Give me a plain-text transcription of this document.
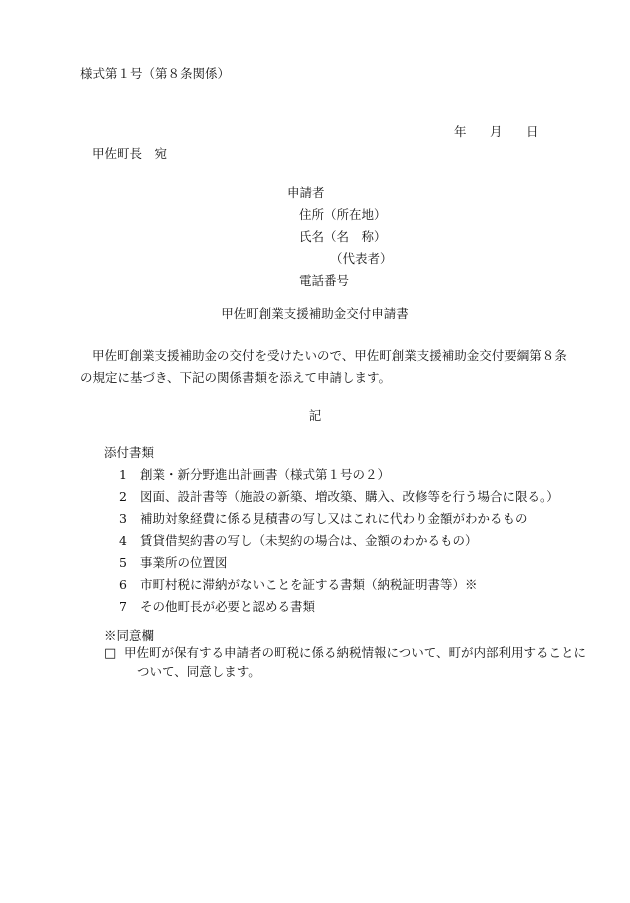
様式第１号（第８条関係）
年 月 日
甲佐町長　宛
申請者
住所（所在地）
氏名（名　称）
（代表者）
電話番号
甲佐町創業支援補助金交付申請書
甲佐町創業支援補助金の交付を受けたいので、甲佐町創業支援補助金交付要綱第８条
の規定に基づき、下記の関係書類を添えて申請します。
記
添付書類
1 創業・新分野進出計画書（様式第１号の２）
2 図面、設計書等（施設の新築、増改築、購入、改修等を行う場合に限る。）
3 補助対象経費に係る見積書の写し又はこれに代わり金額がわかるもの
4 賃貸借契約書の写し（未契約の場合は、金額のわかるもの）
5 事業所の位置図
6 市町村税に滞納がないことを証する書類（納税証明書等）※
7 その他町長が必要と認める書類
※同意欄
□ 甲佐町が保有する申請者の町税に係る納税情報について、町が内部利用することに
ついて、同意します。
